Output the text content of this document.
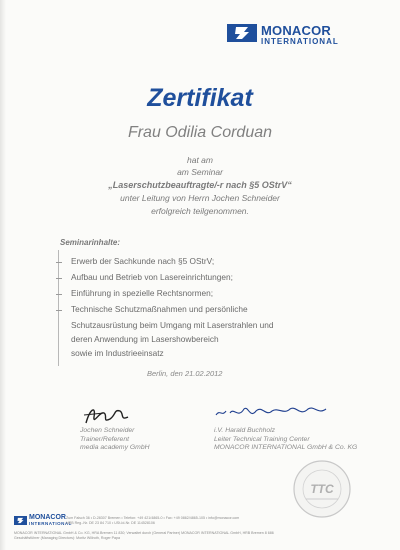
MONACOR
INTERNATIONAL
Zertifikat
Frau Odilia Corduan
hat am
am Seminar
„Laserschutzbeauftragte/-r nach §5 OStrV“
unter Leitung von Herrn Jochen Schneider
erfolgreich teilgenommen.
Seminarinhalte:
Erwerb der Sachkunde nach §5 OStrV;
Aufbau und Betrieb von Lasereinrichtungen;
Einführung in spezielle Rechtsnormen;
Technische Schutzmaßnahmen und persönliche
Schutzausrüstung beim Umgang mit Laserstrahlen und
deren Anwendung im Lasershowbereich
sowie im Industrieeinsatz
Berlin, den 21.02.2012
Jochen Schneider
Trainer/Referent
media academy GmbH
i.V. Harald Buchholz
Leiter Technical Training Center
MONACOR INTERNATIONAL GmbH & Co. KG
TTC
MONACOR
INTERNATIONAL
Zum Falsch 36 • D-28307 Bremen • Telefon: +49 421/4865-0 • Fax: +49 0862/4865-105 • info@monacor.com
HRB Reg.-Nr. DE 23 84 710 • USt-Id-Nr. DE 114528106
MONACOR INTERNATIONAL GmbH & Co. KG, HRA Bremen 11 830; Verwaltet durch (General Partner) MONACOR INTERNATIONAL GmbH, HRB Bremen 8 686
Geschäftsführer (Managing Directors): Moritz Willroth, Roger Papa
